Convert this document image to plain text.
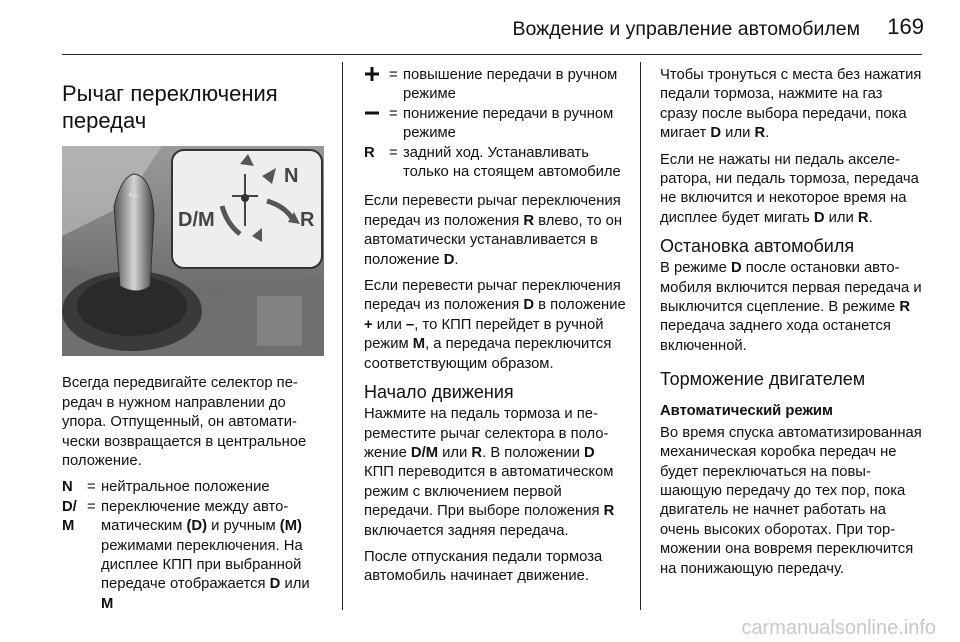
Вождение и управление автомобилем 169
Рычаг переключения
передач
+–
D/M
N
R

Всегда передвигайте селектор передач в нужном направлении до упора. Отпущенный, он автоматически возвращается в центральное положение.

N = нейтральное положение
D/
M
= переключение между автоматическим (D) и ручным (M) режимами переключения. На дисплее КПП при выбранной передаче отображается D или M
= повышение передачи в ручном режиме
= понижение передачи в ручном режиме
R = задний ход. Устанавливать только на стоящем автомобиле

Если перевести рычаг переключения передач из положения R влево, то он автоматически устанавливается в положение D.

Если перевести рычаг переключения передач из положения D в положение + или –, то КПП перейдет в ручной режим M, а передача переключится соответствующим образом.

Начало движения

Нажмите на педаль тормоза и переместите рычаг селектора в положение D/M или R. В положении D КПП переводится в автоматическом режим с включением первой передачи. При выборе положения R включается задняя передача.

После отпускания педали тормоза автомобиль начинает движение.

Чтобы тронуться с места без нажатия педали тормоза, нажмите на газ сразу после выбора передачи, пока мигает D или R.

Если не нажаты ни педаль акселератора, ни педаль тормоза, передача не включится и некоторое время на дисплее будет мигать D или R.

Остановка автомобиля

В режиме D после остановки автомобиля включится первая передача и выключится сцепление. В режиме R передача заднего хода останется включенной.

Торможение двигателем
Автоматический режим

Во время спуска автоматизированная механическая коробка передач не будет переключаться на повышающую передачу до тех пор, пока двигатель не начнет работать на очень высоких оборотах. При торможении она вовремя переключится на понижающую передачу.

carmanualsonline.info
